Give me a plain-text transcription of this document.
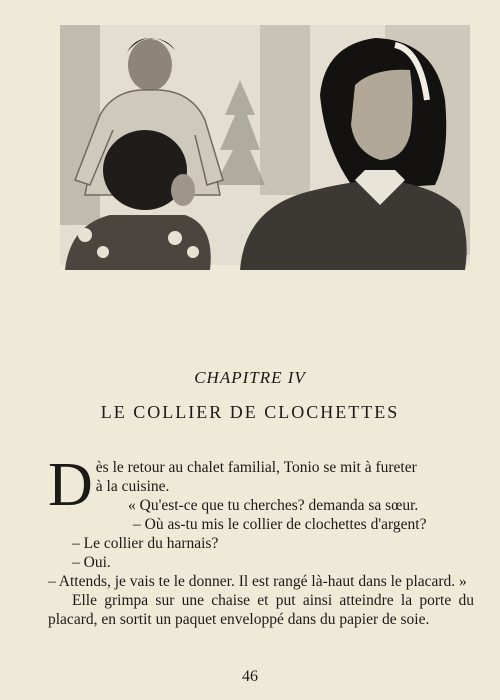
CHAPITRE IV
LE COLLIER DE CLOCHETTES
D ès le retour au chalet familial, Tonio se mit à fureter
à la cuisine.
« Qu'est-ce que tu cherches? demanda sa sœur.
– Où as-tu mis le collier de clochettes d'argent?
– Le collier du harnais?
– Oui.
– Attends, je vais te le donner. Il est rangé là-haut dans le placard. »
Elle grimpa sur une chaise et put ainsi atteindre la porte du placard, en sortit un paquet enveloppé dans du papier de soie.
46
